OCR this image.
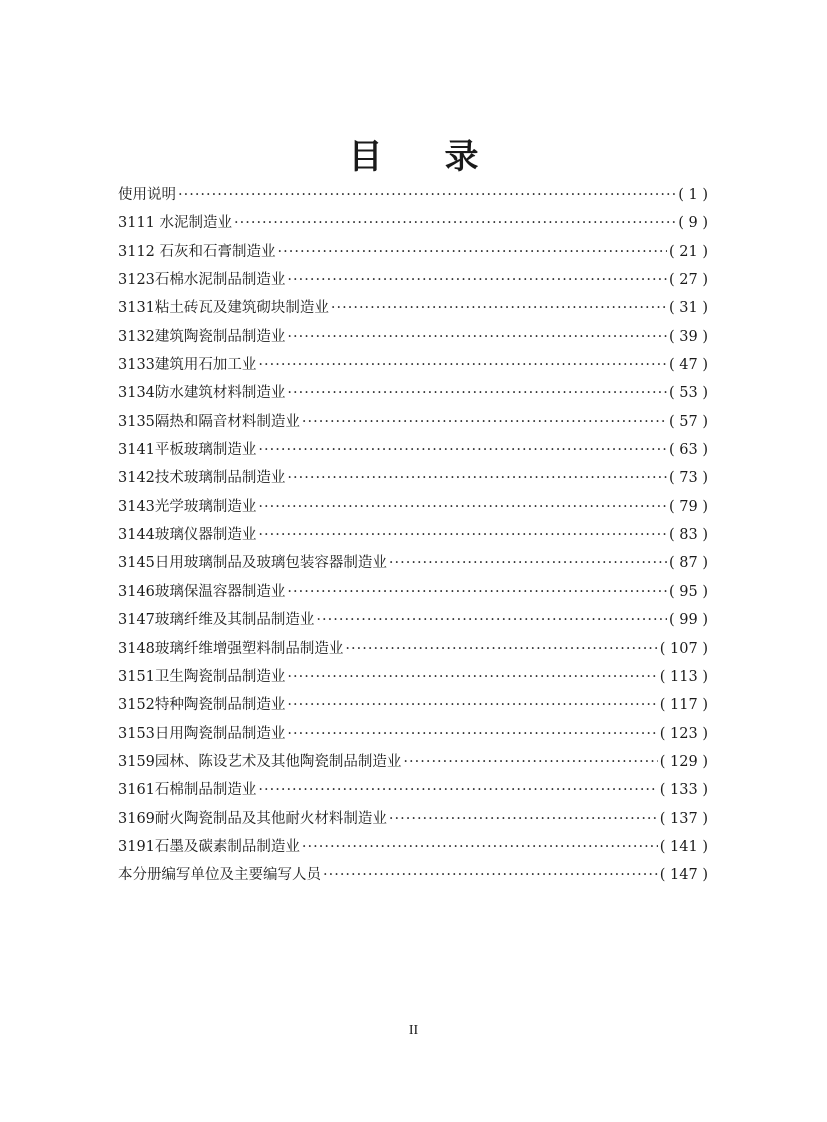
目 录
使用说明 ·····	( 1 )
3111 水泥制造业 ·····	( 9 )
3112 石灰和石膏制造业 ·····	( 21 )
3123石棉水泥制品制造业 ·····	( 27 )
3131粘土砖瓦及建筑砌块制造业 ·····	( 31 )
3132建筑陶瓷制品制造业 ·····	( 39 )
3133建筑用石加工业 ·····	( 47 )
3134防水建筑材料制造业 ·····	( 53 )
3135隔热和隔音材料制造业 ·····	( 57 )
3141平板玻璃制造业 ·····	( 63 )
3142技术玻璃制品制造业 ·····	( 73 )
3143光学玻璃制造业 ·····	( 79 )
3144玻璃仪器制造业 ·····	( 83 )
3145日用玻璃制品及玻璃包装容器制造业 ·····	( 87 )
3146玻璃保温容器制造业 ·····	( 95 )
3147玻璃纤维及其制品制造业 ·····	( 99 )
3148玻璃纤维增强塑料制品制造业 ·····	( 107 )
3151卫生陶瓷制品制造业 ·····	( 113 )
3152特种陶瓷制品制造业 ·····	( 117 )
3153日用陶瓷制品制造业 ·····	( 123 )
3159园林、陈设艺术及其他陶瓷制品制造业 ·····	( 129 )
3161石棉制品制造业 ·····	( 133 )
3169耐火陶瓷制品及其他耐火材料制造业 ·····	( 137 )
3191石墨及碳素制品制造业 ·····	( 141 )
本分册编写单位及主要编写人员 ·····	( 147 )
II
